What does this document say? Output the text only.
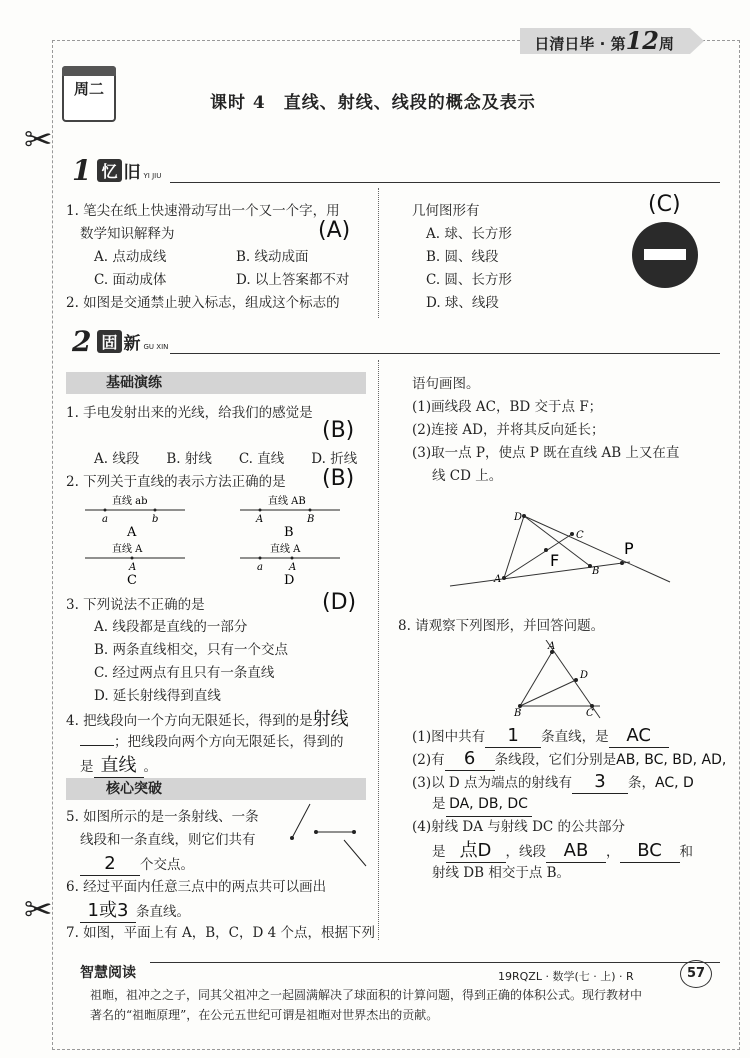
日清日毕 · 第12周
周二
课时 4　直线、射线、线段的概念及表示
✂
✂
1 忆 旧 YI JIU
1. 笔尖在纸上快速滑动写出一个又一个字，用
数学知识解释为	(A)
A. 点动成线	B. 线动成面
C. 面动成体	D. 以上答案都不对
2. 如图是交通禁止驶入标志，组成这个标志的
几何图形有	(C)
A. 球、长方形
B. 圆、线段
C. 圆、长方形
D. 球、线段
2 固 新 GU XIN
基础演练
1. 手电发射出来的光线，给我们的感觉是
(B)
A. 线段　　B. 射线　　C. 直线　　D. 折线
2. 下列关于直线的表示方法正确的是 (B)
直线 ab
a	b
A
直线 AB
A	B
B
直线 A
A
C
直线 A
a	A
D
3. 下列说法不正确的是	(D)
A. 线段都是直线的一部分
B. 两条直线相交，只有一个交点
C. 经过两点有且只有一条直线
D. 延长射线得到直线
4. 把线段向一个方向无限延长，得到的是射线
；把线段向两个方向无限延长，得到的
是 直线 。
核心突破
5. 如图所示的是一条射线、一条
线段和一条直线，则它们共有
2 个交点。
6. 经过平面内任意三点中的两点共可以画出
1或3 条直线。
7. 如图，平面上有 A，B，C，D 4 个点，根据下列
语句画图。
(1)画线段 AC，BD 交于点 F；
(2)连接 AD，并将其反向延长；
(3)取一点 P，使点 P 既在直线 AB 上又在直
线 CD 上。
D
C
A
B
F
P
8. 请观察下列图形，并回答问题。
A
D
B	C
(1)图中共有 1 条直线，是 AC
(2)有 6 条线段，它们分别是AB, BC, BD, AD,
(3)以 D 点为端点的射线有 3 条，AC, D
是 DA, DB, DC
(4)射线 DA 与射线 DC 的公共部分
是 点D ，线段 AB ， BC 和
射线 DB 相交于点 B。
智慧阅读	19RQZL · 数学(七 · 上) · R	57
祖暅，祖冲之之子，同其父祖冲之一起圆满解决了球面积的计算问题，得到正确的体积公式。现行教材中
著名的“祖暅原理”，在公元五世纪可谓是祖暅对世界杰出的贡献。
